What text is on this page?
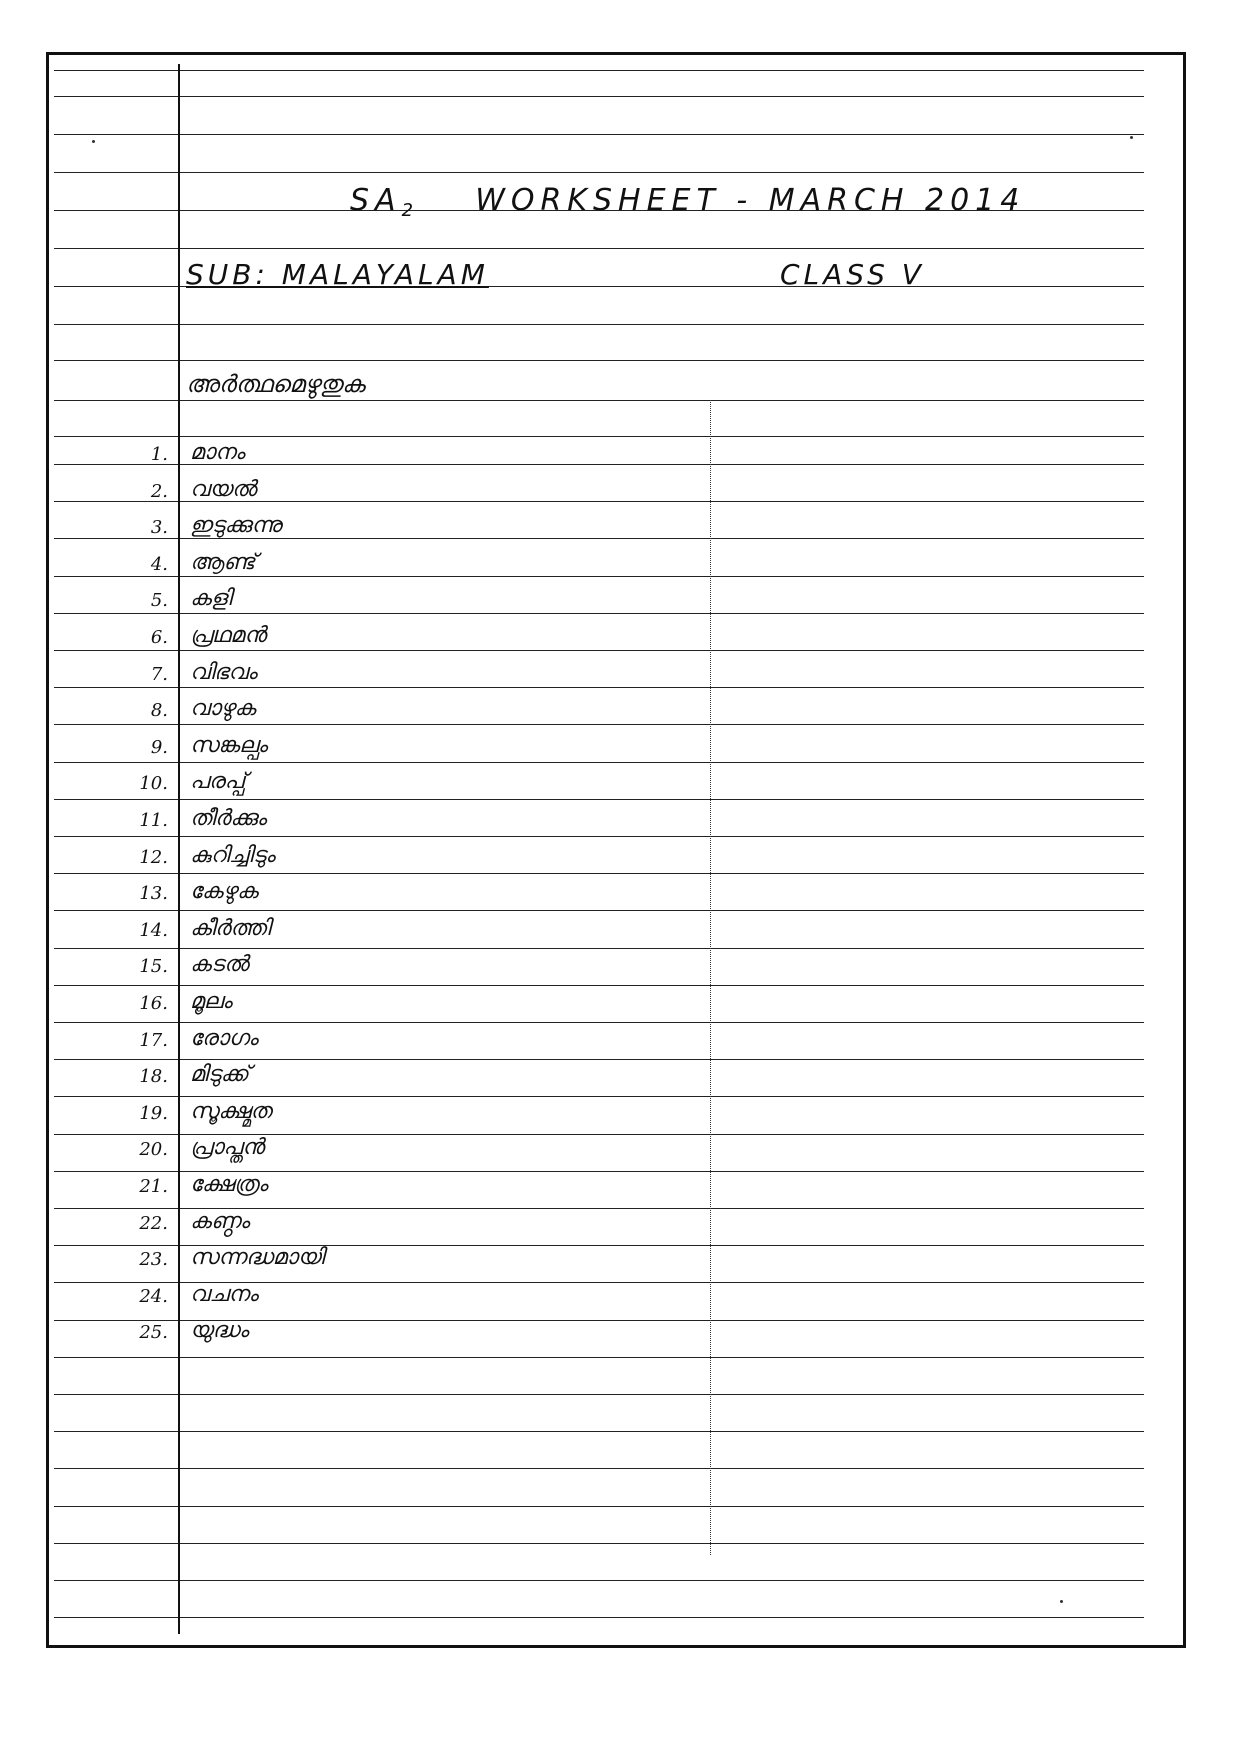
$SA_2$ WORKSHEET - MARCH 2014
SUB: MALAYALAM	CLASS V
അർത്ഥമെഴുതുക
1. മാനം
2. വയൽ
3. ഇടുക്കുന്നു
4. ആണ്ട്
5. കളി
6. പ്രഥമൻ
7. വിഭവം
8. വാഴുക
9. സങ്കല്പം
10. പരപ്പ്
11. തീർക്കും
12. കുറിച്ചിടും
13. കേഴുക
14. കീർത്തി
15. കടൽ
16. മൂലം
17. രോഗം
18. മിടുക്ക്
19. സൂക്ഷ്മത
20. പ്രാപ്തൻ
21. ക്ഷേത്രം
22. കണ്ഠം
23. സന്നദ്ധമായി
24. വചനം
25. യുദ്ധം
